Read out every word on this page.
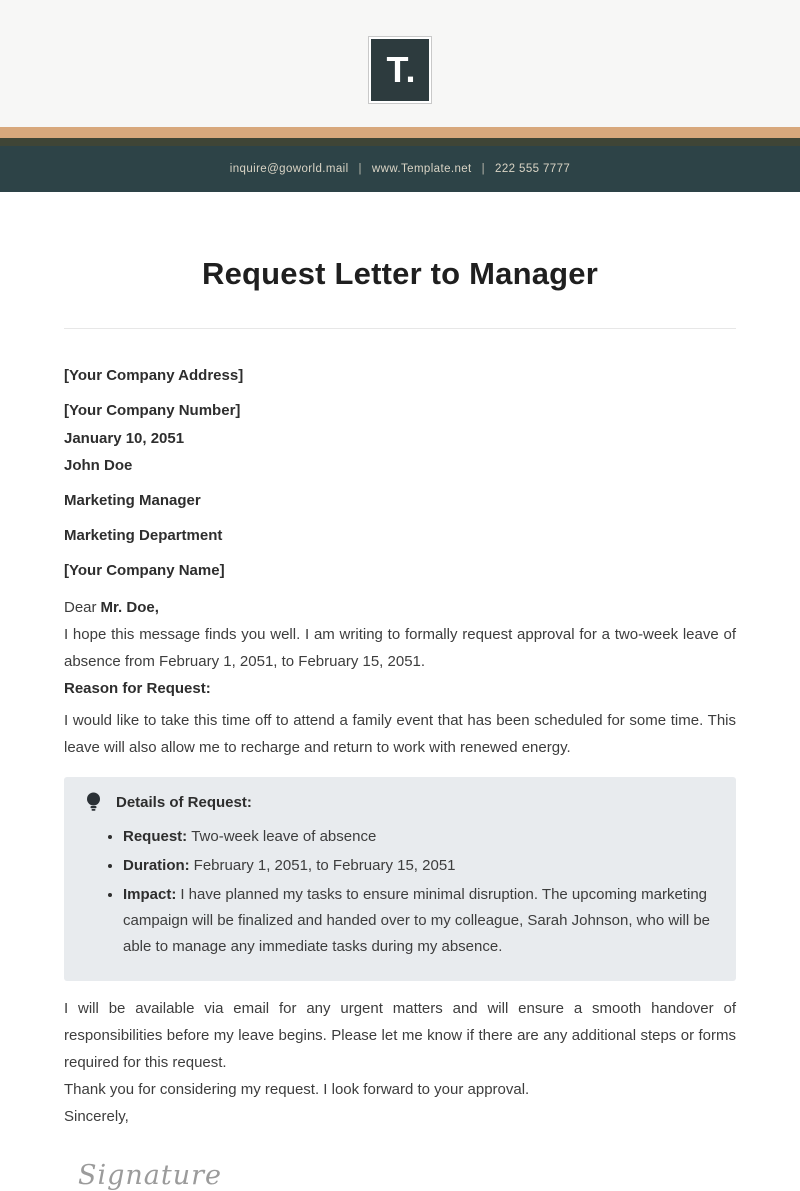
T.
inquire@goworld.mail | www.Template.net | 222 555 7777
Request Letter to Manager
[Your Company Address]
[Your Company Number]
January 10, 2051
John Doe
Marketing Manager
Marketing Department
[Your Company Name]

Dear Mr. Doe,

I hope this message finds you well. I am writing to formally request approval for a two-week leave of absence from February 1, 2051, to February 15, 2051.

Reason for Request:

I would like to take this time off to attend a family event that has been scheduled for some time. This leave will also allow me to recharge and return to work with renewed energy.

Details of Request:
• Request: Two-week leave of absence
• Duration: February 1, 2051, to February 15, 2051
• Impact: I have planned my tasks to ensure minimal disruption. The upcoming marketing campaign will be finalized and handed over to my colleague, Sarah Johnson, who will be able to manage any immediate tasks during my absence.

I will be available via email for any urgent matters and will ensure a smooth handover of responsibilities before my leave begins. Please let me know if there are any additional steps or forms required for this request.

Thank you for considering my request. I look forward to your approval.

Sincerely,

Signature
